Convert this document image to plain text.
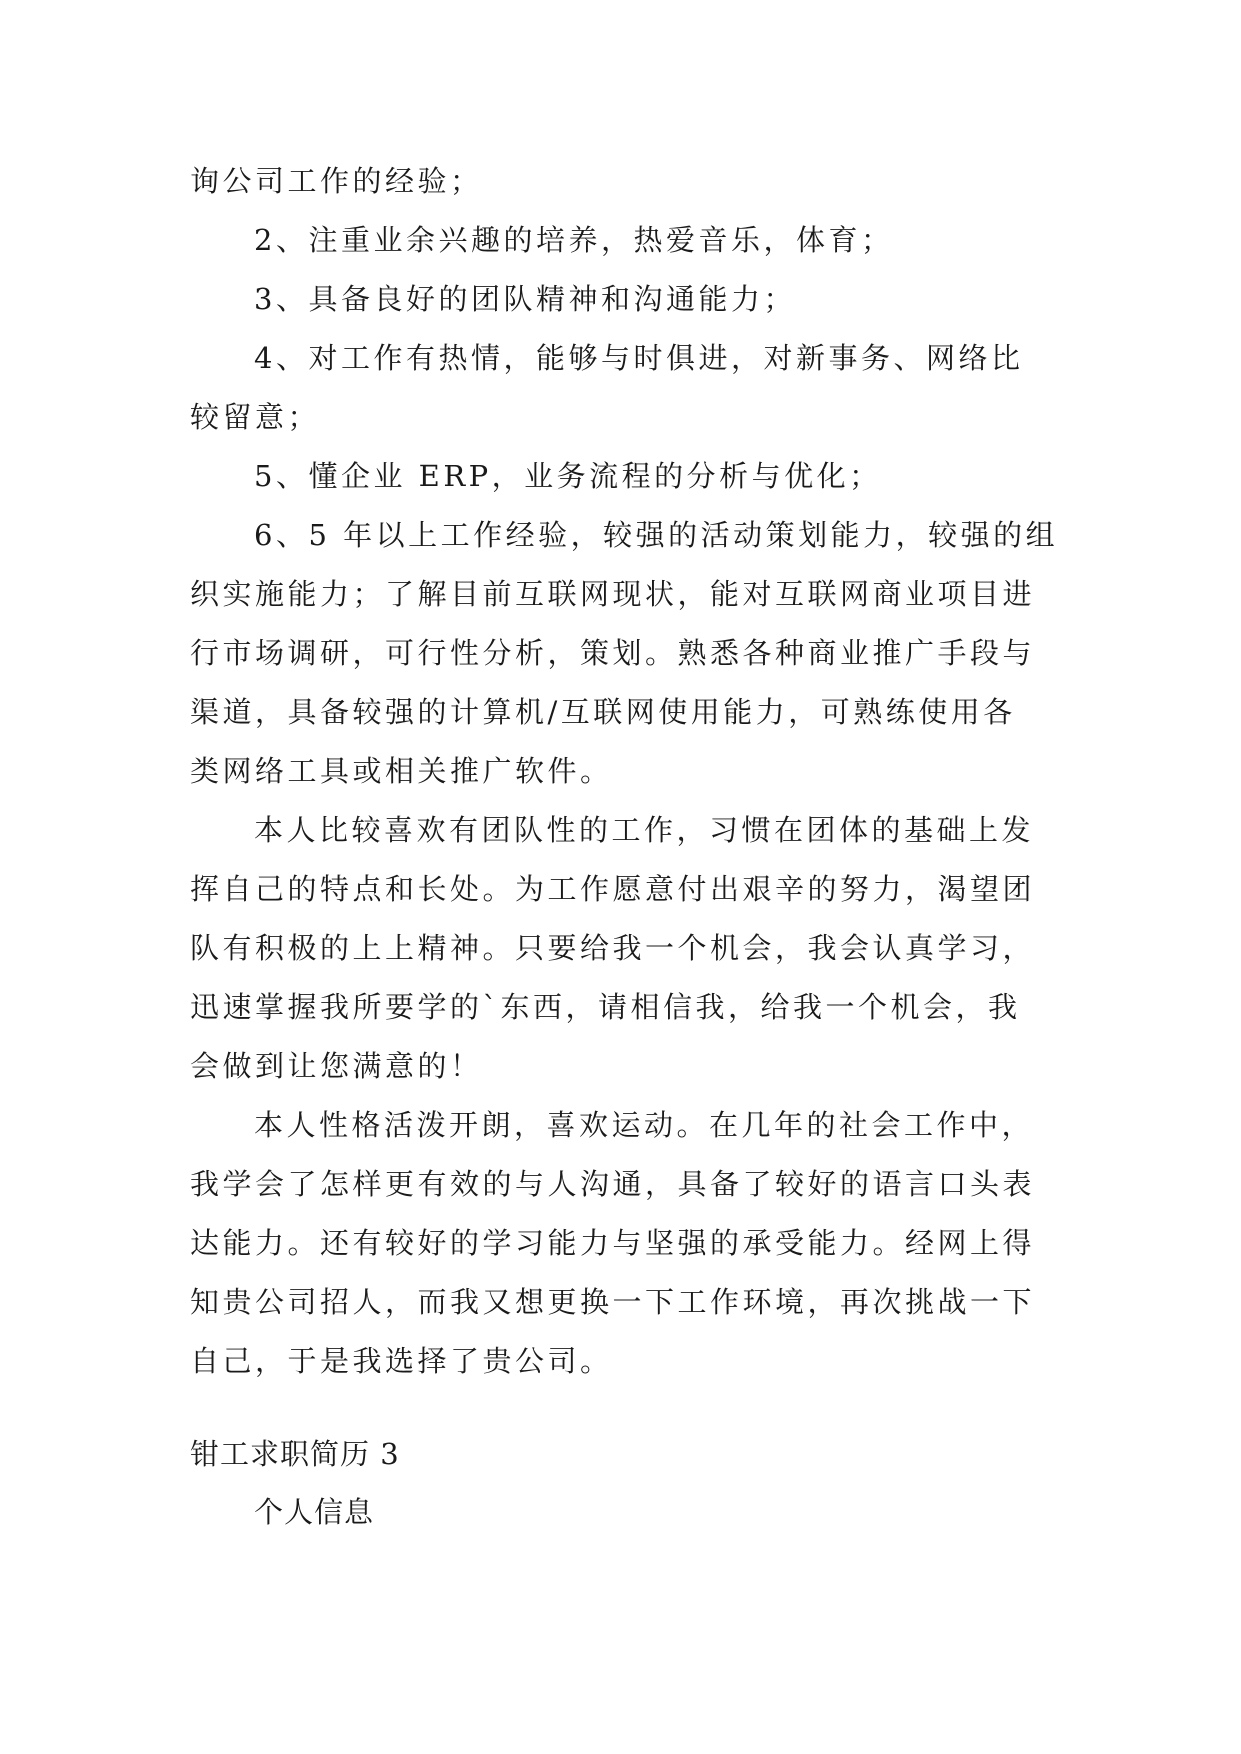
询公司工作的经验；
2、注重业余兴趣的培养，热爱音乐，体育；
3、具备良好的团队精神和沟通能力；
4、对工作有热情，能够与时俱进，对新事务、网络比
较留意；
5、懂企业 ERP，业务流程的分析与优化；
6、5 年以上工作经验，较强的活动策划能力，较强的组
织实施能力；了解目前互联网现状，能对互联网商业项目进
行市场调研，可行性分析，策划。熟悉各种商业推广手段与
渠道，具备较强的计算机/互联网使用能力，可熟练使用各
类网络工具或相关推广软件。
本人比较喜欢有团队性的工作，习惯在团体的基础上发
挥自己的特点和长处。为工作愿意付出艰辛的努力，渴望团
队有积极的上上精神。只要给我一个机会，我会认真学习，
迅速掌握我所要学的`东西，请相信我，给我一个机会，我
会做到让您满意的！
本人性格活泼开朗，喜欢运动。在几年的社会工作中，
我学会了怎样更有效的与人沟通，具备了较好的语言口头表
达能力。还有较好的学习能力与坚强的承受能力。经网上得
知贵公司招人，而我又想更换一下工作环境，再次挑战一下
自己，于是我选择了贵公司。
钳工求职简历 3
个人信息
